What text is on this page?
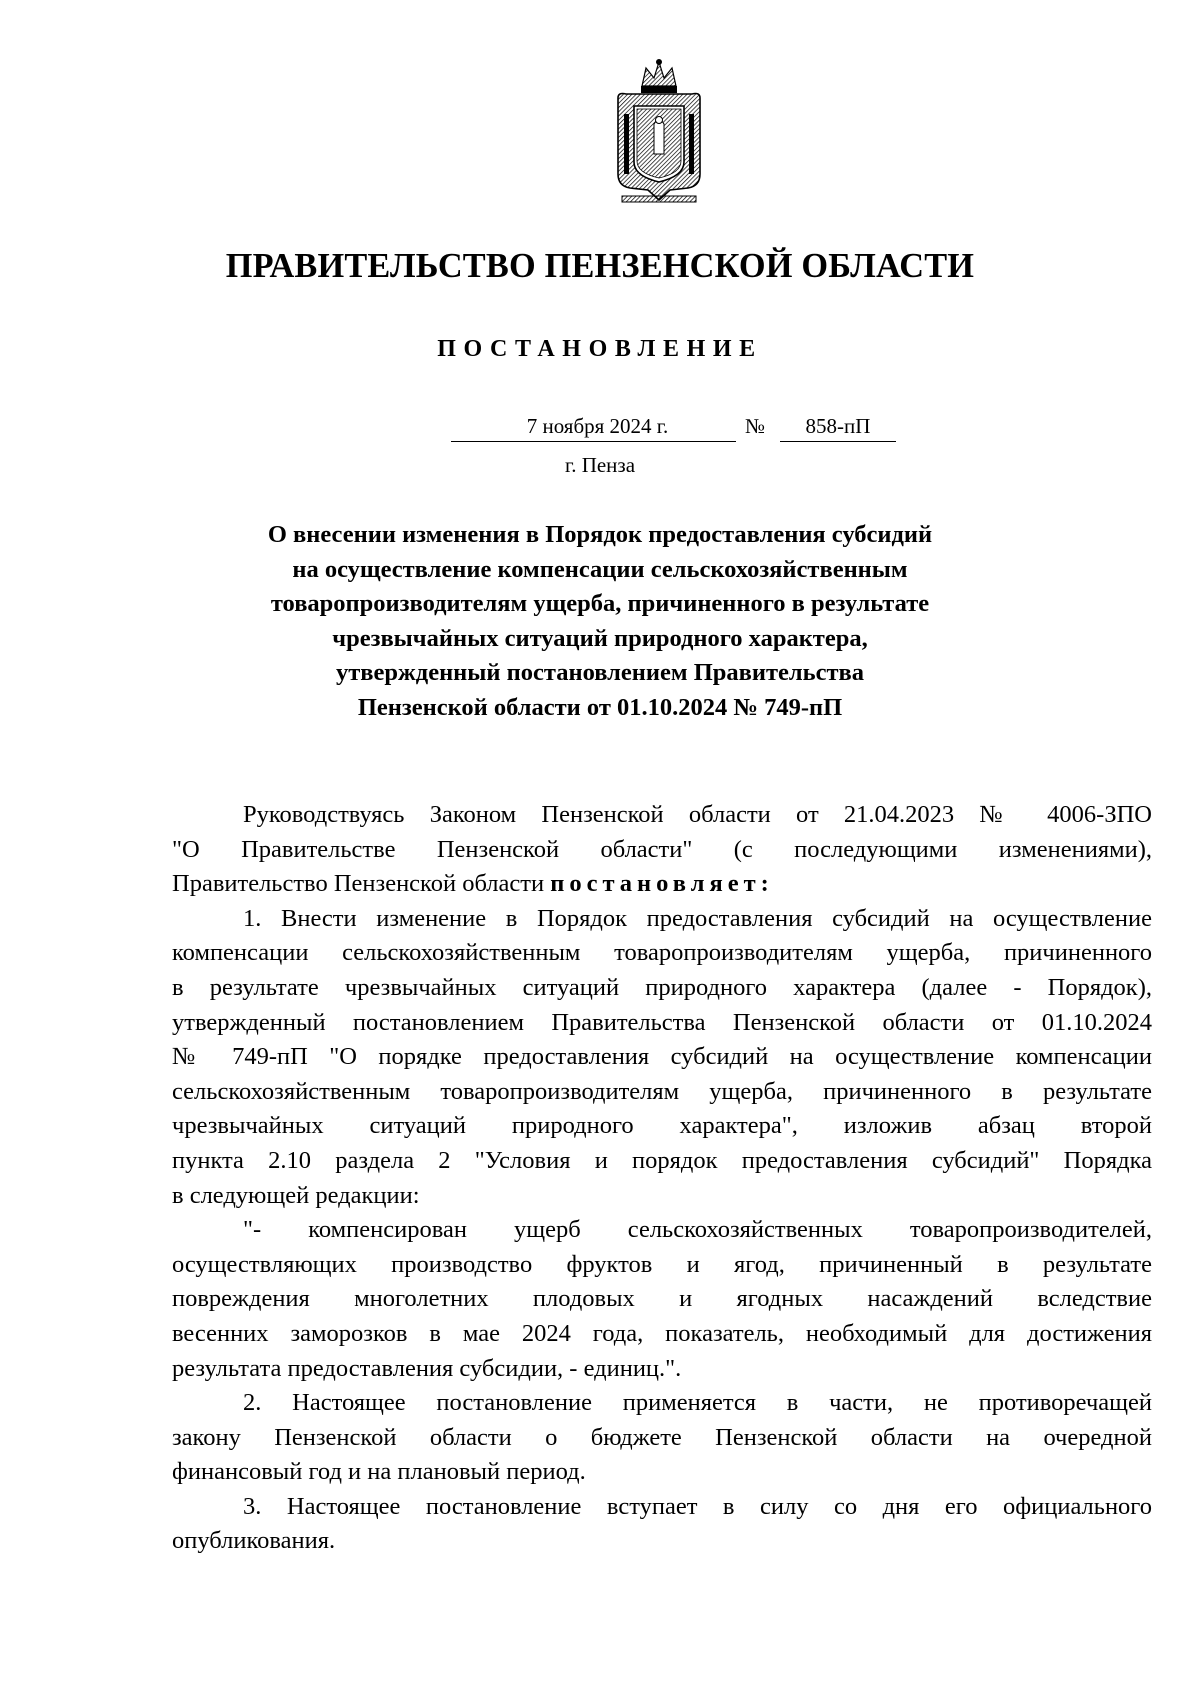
ПРАВИТЕЛЬСТВО ПЕНЗЕНСКОЙ ОБЛАСТИ
ПОСТАНОВЛЕНИЕ
7 ноября 2024 г.	№	858-пП
г. Пенза
О внесении изменения в Порядок предоставления субсидий
на осуществление компенсации сельскохозяйственным
товаропроизводителям ущерба, причиненного в результате
чрезвычайных ситуаций природного характера,
утвержденный постановлением Правительства
Пензенской области от 01.10.2024 № 749-пП
Руководствуясь Законом Пензенской области от 21.04.2023 № 4006-ЗПО
"О Правительстве Пензенской области" (с последующими изменениями),
Правительство Пензенской области постановляет:
1. Внести изменение в Порядок предоставления субсидий на осуществление
компенсации сельскохозяйственным товаропроизводителям ущерба, причиненного
в результате чрезвычайных ситуаций природного характера (далее - Порядок),
утвержденный постановлением Правительства Пензенской области от 01.10.2024
№ 749-пП "О порядке предоставления субсидий на осуществление компенсации
сельскохозяйственным товаропроизводителям ущерба, причиненного в результате
чрезвычайных ситуаций природного характера", изложив абзац второй
пункта 2.10 раздела 2 "Условия и порядок предоставления субсидий" Порядка
в следующей редакции:
"- компенсирован ущерб сельскохозяйственных товаропроизводителей,
осуществляющих производство фруктов и ягод, причиненный в результате
повреждения многолетних плодовых и ягодных насаждений вследствие
весенних заморозков в мае 2024 года, показатель, необходимый для достижения
результата предоставления субсидии, - единиц.".
2. Настоящее постановление применяется в части, не противоречащей
закону Пензенской области о бюджете Пензенской области на очередной
финансовый год и на плановый период.
3. Настоящее постановление вступает в силу со дня его официального
опубликования.
